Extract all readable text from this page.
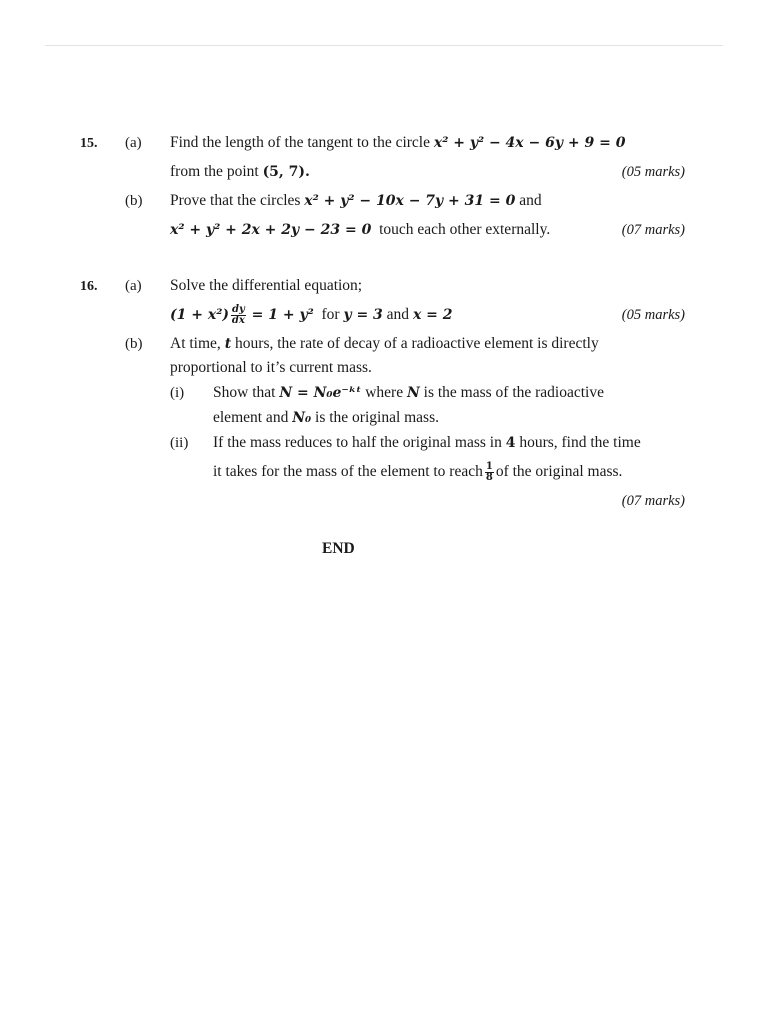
15. (a) Find the length of the tangent to the circle x² + y² − 4x − 6y + 9 = 0
from the point (5, 7).	(05 marks)
(b) Prove that the circles x² + y² − 10x − 7y + 31 = 0 and
x² + y² + 2x + 2y − 23 = 0 touch each other externally.	(07 marks)
16. (a) Solve the differential equation;
$(1 + x^2) \frac{dy}{dx} = 1 + y^2$ for y = 3 and x = 2	(05 marks)
(b) At time, t hours, the rate of decay of a radioactive element is directly
proportional to it’s current mass.
(i) Show that N = N₀e⁻ᵏᵗ where N is the mass of the radioactive
element and N₀ is the original mass.
(ii) If the mass reduces to half the original mass in 4 hours, find the time
it takes for the mass of the element to reach $\frac{1}{8}$ of the original mass.
(07 marks)
END
